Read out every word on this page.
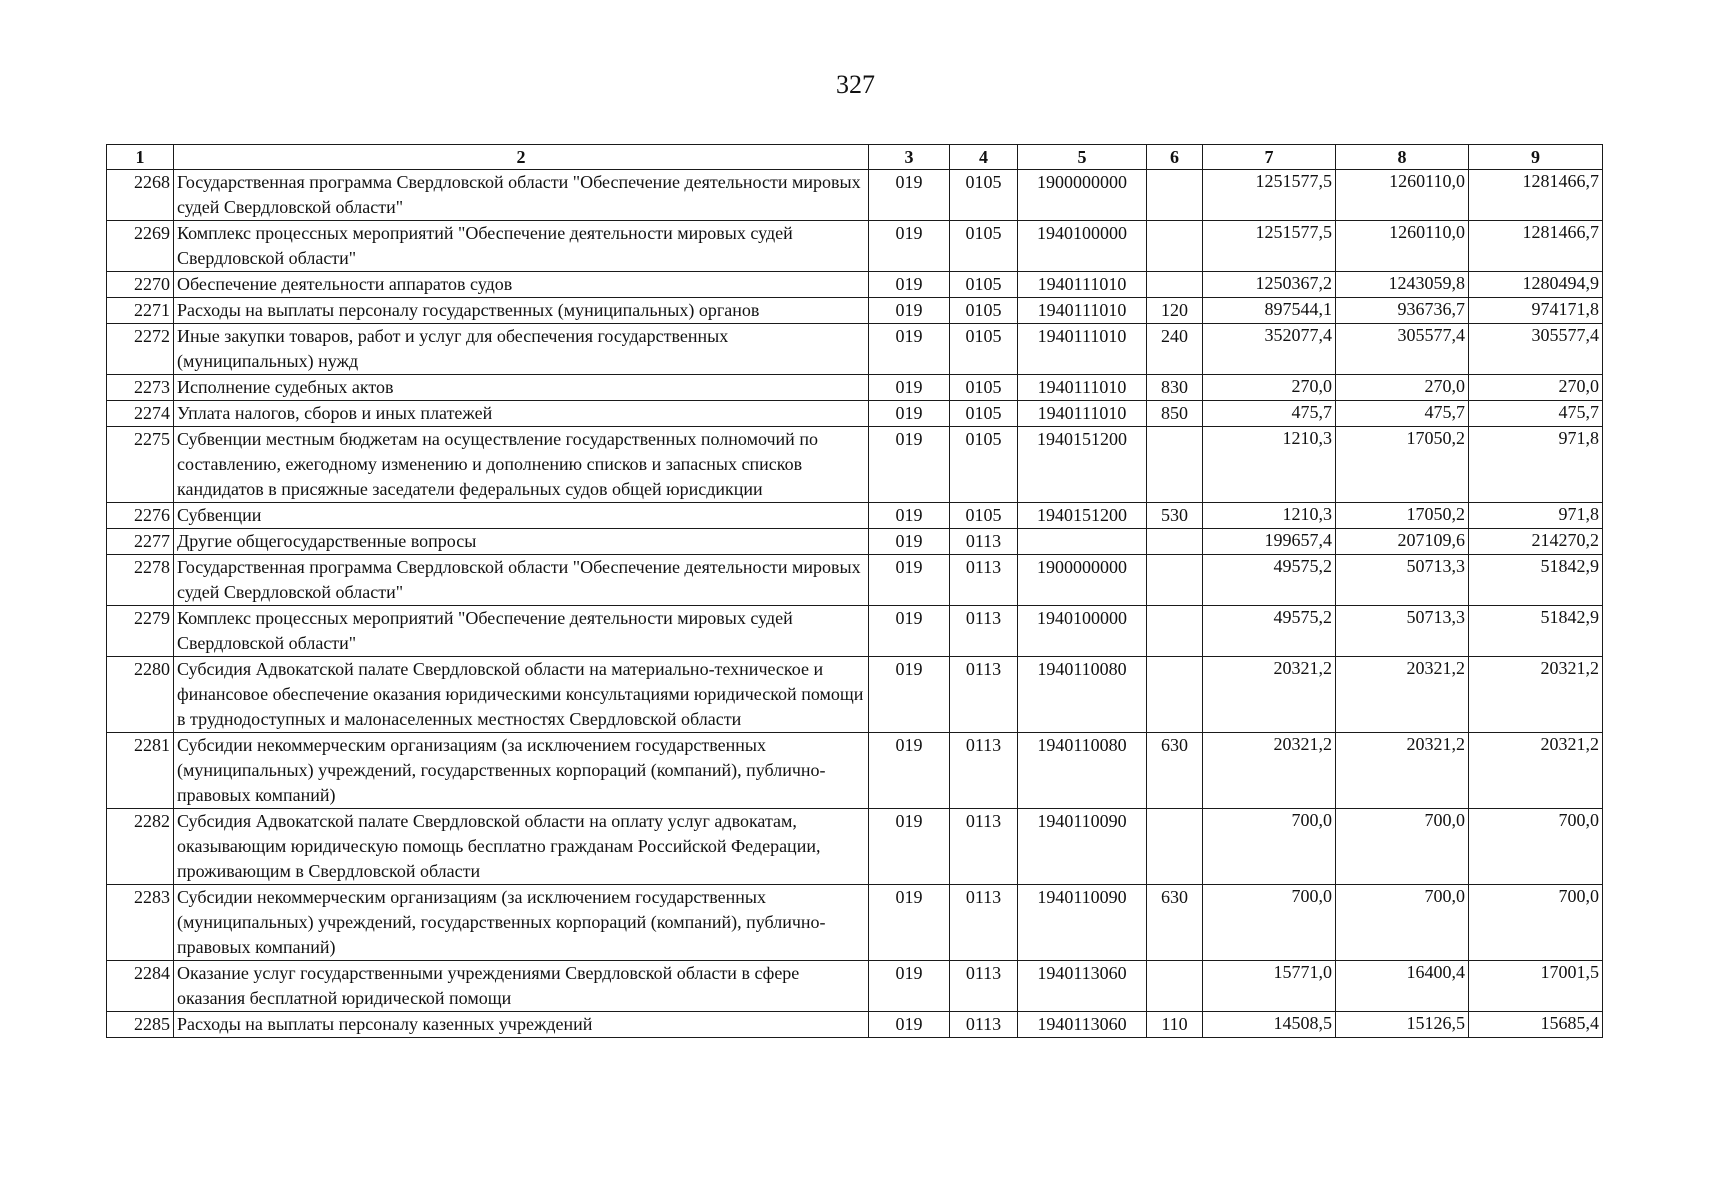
327
1	2	3	4	5	6	7	8	9
2268	Государственная программа Свердловской области "Обеспечение деятельности мировых судей Свердловской области"	019	0105	1900000000		1251577,5	1260110,0	1281466,7
2269	Комплекс процессных мероприятий "Обеспечение деятельности мировых судей Свердловской области"	019	0105	1940100000		1251577,5	1260110,0	1281466,7
2270	Обеспечение деятельности аппаратов судов	019	0105	1940111010		1250367,2	1243059,8	1280494,9
2271	Расходы на выплаты персоналу государственных (муниципальных) органов	019	0105	1940111010	120	897544,1	936736,7	974171,8
2272	Иные закупки товаров, работ и услуг для обеспечения государственных (муниципальных) нужд	019	0105	1940111010	240	352077,4	305577,4	305577,4
2273	Исполнение судебных актов	019	0105	1940111010	830	270,0	270,0	270,0
2274	Уплата налогов, сборов и иных платежей	019	0105	1940111010	850	475,7	475,7	475,7
2275	Субвенции местным бюджетам на осуществление государственных полномочий по составлению, ежегодному изменению и дополнению списков и запасных списков кандидатов в присяжные заседатели федеральных судов общей юрисдикции	019	0105	1940151200		1210,3	17050,2	971,8
2276	Субвенции	019	0105	1940151200	530	1210,3	17050,2	971,8
2277	Другие общегосударственные вопросы	019	0113			199657,4	207109,6	214270,2
2278	Государственная программа Свердловской области "Обеспечение деятельности мировых судей Свердловской области"	019	0113	1900000000		49575,2	50713,3	51842,9
2279	Комплекс процессных мероприятий "Обеспечение деятельности мировых судей Свердловской области"	019	0113	1940100000		49575,2	50713,3	51842,9
2280	Субсидия Адвокатской палате Свердловской области на материально-техническое и финансовое обеспечение оказания юридическими консультациями юридической помощи в труднодоступных и малонаселенных местностях Свердловской области	019	0113	1940110080		20321,2	20321,2	20321,2
2281	Субсидии некоммерческим организациям (за исключением государственных (муниципальных) учреждений, государственных корпораций (компаний), публично-правовых компаний)	019	0113	1940110080	630	20321,2	20321,2	20321,2
2282	Субсидия Адвокатской палате Свердловской области на оплату услуг адвокатам, оказывающим юридическую помощь бесплатно гражданам Российской Федерации, проживающим в Свердловской области	019	0113	1940110090		700,0	700,0	700,0
2283	Субсидии некоммерческим организациям (за исключением государственных (муниципальных) учреждений, государственных корпораций (компаний), публично-правовых компаний)	019	0113	1940110090	630	700,0	700,0	700,0
2284	Оказание услуг государственными учреждениями Свердловской области в сфере оказания бесплатной юридической помощи	019	0113	1940113060		15771,0	16400,4	17001,5
2285	Расходы на выплаты персоналу казенных учреждений	019	0113	1940113060	110	14508,5	15126,5	15685,4
